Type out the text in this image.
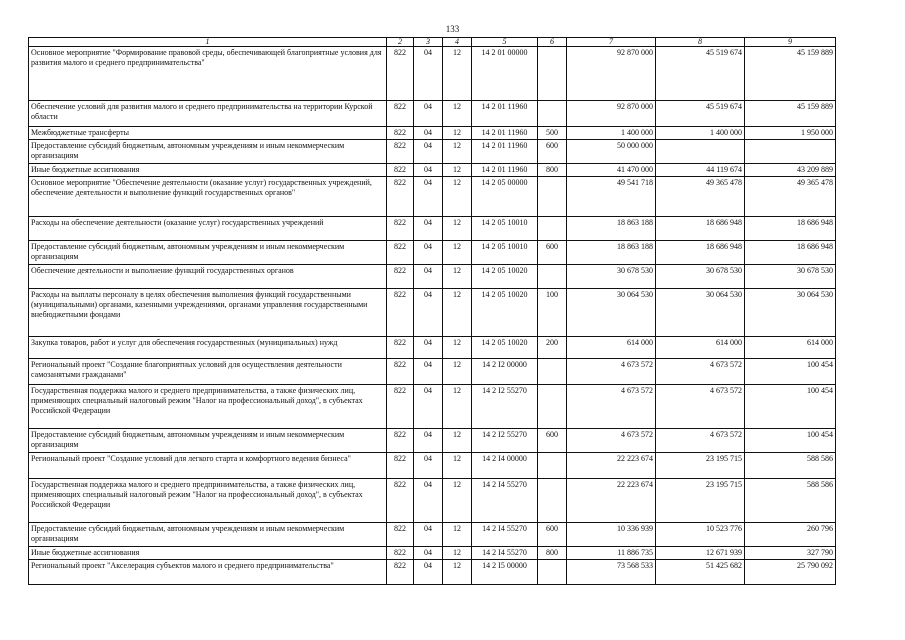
133
1	2	3	4	5	6	7	8	9
Основное мероприятие "Формирование правовой среды, обеспечивающей благоприятные условия для развития малого и среднего предпринимательства"	822	04	12	14 2 01 00000		92 870 000	45 519 674	45 159 889
Обеспечение условий для развития малого и среднего предпринимательства на территории Курской области	822	04	12	14 2 01 11960		92 870 000	45 519 674	45 159 889
Межбюджетные трансферты	822	04	12	14 2 01 11960	500	1 400 000	1 400 000	1 950 000
Предоставление субсидий бюджетным, автономным учреждениям и иным некоммерческим организациям	822	04	12	14 2 01 11960	600	50 000 000		
Иные бюджетные ассигнования	822	04	12	14 2 01 11960	800	41 470 000	44 119 674	43 209 889
Основное мероприятие "Обеспечение деятельности (оказание услуг) государственных учреждений, обеспечение деятельности и выполнение функций государственных органов"	822	04	12	14 2 05 00000		49 541 718	49 365 478	49 365 478
Расходы на обеспечение деятельности (оказание услуг) государственных учреждений	822	04	12	14 2 05 10010		18 863 188	18 686 948	18 686 948
Предоставление субсидий бюджетным, автономным учреждениям и иным некоммерческим организациям	822	04	12	14 2 05 10010	600	18 863 188	18 686 948	18 686 948
Обеспечение деятельности и выполнение функций государственных органов	822	04	12	14 2 05 10020		30 678 530	30 678 530	30 678 530
Расходы на выплаты персоналу в целях обеспечения выполнения функций государственными (муниципальными) органами, казенными учреждениями, органами управления государственными внебюджетными фондами	822	04	12	14 2 05 10020	100	30 064 530	30 064 530	30 064 530
Закупка товаров, работ и услуг для обеспечения государственных (муниципальных) нужд	822	04	12	14 2 05 10020	200	614 000	614 000	614 000
Региональный проект "Создание благоприятных условий для осуществления деятельности самозанятыми гражданами"	822	04	12	14 2 I2 00000		4 673 572	4 673 572	100 454
Государственная поддержка малого и среднего предпринимательства, а также физических лиц, применяющих специальный налоговый режим "Налог на профессиональный доход", в субъектах Российской Федерации	822	04	12	14 2 I2 55270		4 673 572	4 673 572	100 454
Предоставление субсидий бюджетным, автономным учреждениям и иным некоммерческим организациям	822	04	12	14 2 I2 55270	600	4 673 572	4 673 572	100 454
Региональный проект "Создание условий для легкого старта и комфортного ведения бизнеса"	822	04	12	14 2 I4 00000		22 223 674	23 195 715	588 586
Государственная поддержка малого и среднего предпринимательства, а также физических лиц, применяющих специальный налоговый режим "Налог на профессиональный доход", в субъектах Российской Федерации	822	04	12	14 2 I4 55270		22 223 674	23 195 715	588 586
Предоставление субсидий бюджетным, автономным учреждениям и иным некоммерческим организациям	822	04	12	14 2 I4 55270	600	10 336 939	10 523 776	260 796
Иные бюджетные ассигнования	822	04	12	14 2 I4 55270	800	11 886 735	12 671 939	327 790
Региональный проект "Акселерация субъектов малого и среднего предпринимательства"	822	04	12	14 2 I5 00000		73 568 533	51 425 682	25 790 092
